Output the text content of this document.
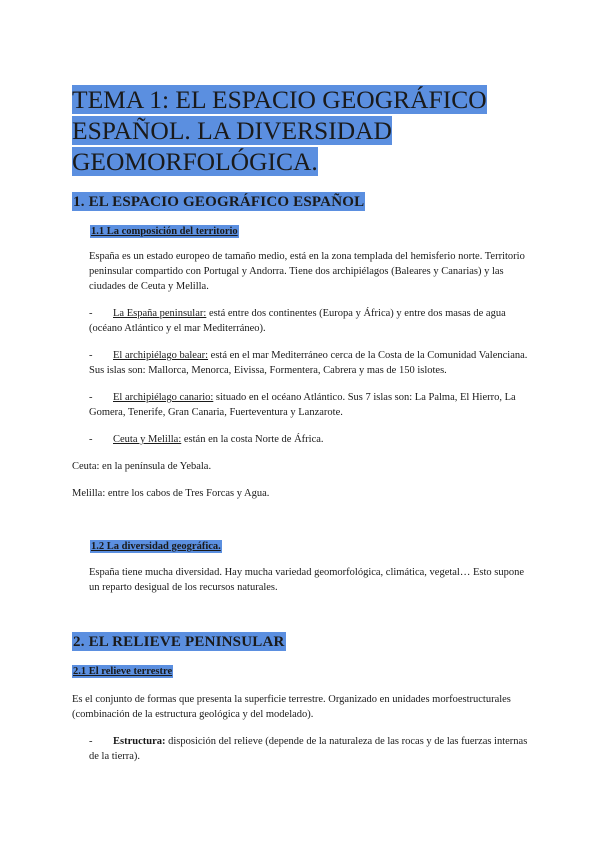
TEMA 1: EL ESPACIO GEOGRÁFICO
ESPAÑOL. LA DIVERSIDAD
GEOMORFOLÓGICA.
1. EL ESPACIO GEOGRÁFICO ESPAÑOL
1.1 La composición del territorio
España es un estado europeo de tamaño medio, está en la zona templada del hemisferio norte. Territorio peninsular compartido con Portugal y Andorra. Tiene dos archipiélagos (Baleares y Canarias) y las ciudades de Ceuta y Melilla.
-	La España peninsular: está entre dos continentes (Europa y África) y entre dos masas de agua (océano Atlántico y el mar Mediterráneo).
-	El archipiélago balear: está en el mar Mediterráneo cerca de la Costa de la Comunidad Valenciana. Sus islas son: Mallorca, Menorca, Eivissa, Formentera, Cabrera y mas de 150 islotes.
-	El archipiélago canario: situado en el océano Atlántico. Sus 7 islas son: La Palma, El Hierro, La Gomera, Tenerife, Gran Canaria, Fuerteventura y Lanzarote.
-	Ceuta y Melilla: están en la costa Norte de África.
Ceuta: en la península de Yebala.
Melilla: entre los cabos de Tres Forcas y Agua.
1.2 La diversidad geográfica.
España tiene mucha diversidad. Hay mucha variedad geomorfológica, climática, vegetal… Esto supone un reparto desigual de los recursos naturales.
2. EL RELIEVE PENINSULAR
2.1 El relieve terrestre
Es el conjunto de formas que presenta la superficie terrestre. Organizado en unidades morfoestructurales (combinación de la estructura geológica y del modelado).
-	Estructura: disposición del relieve (depende de la naturaleza de las rocas y de las fuerzas internas de la tierra).
